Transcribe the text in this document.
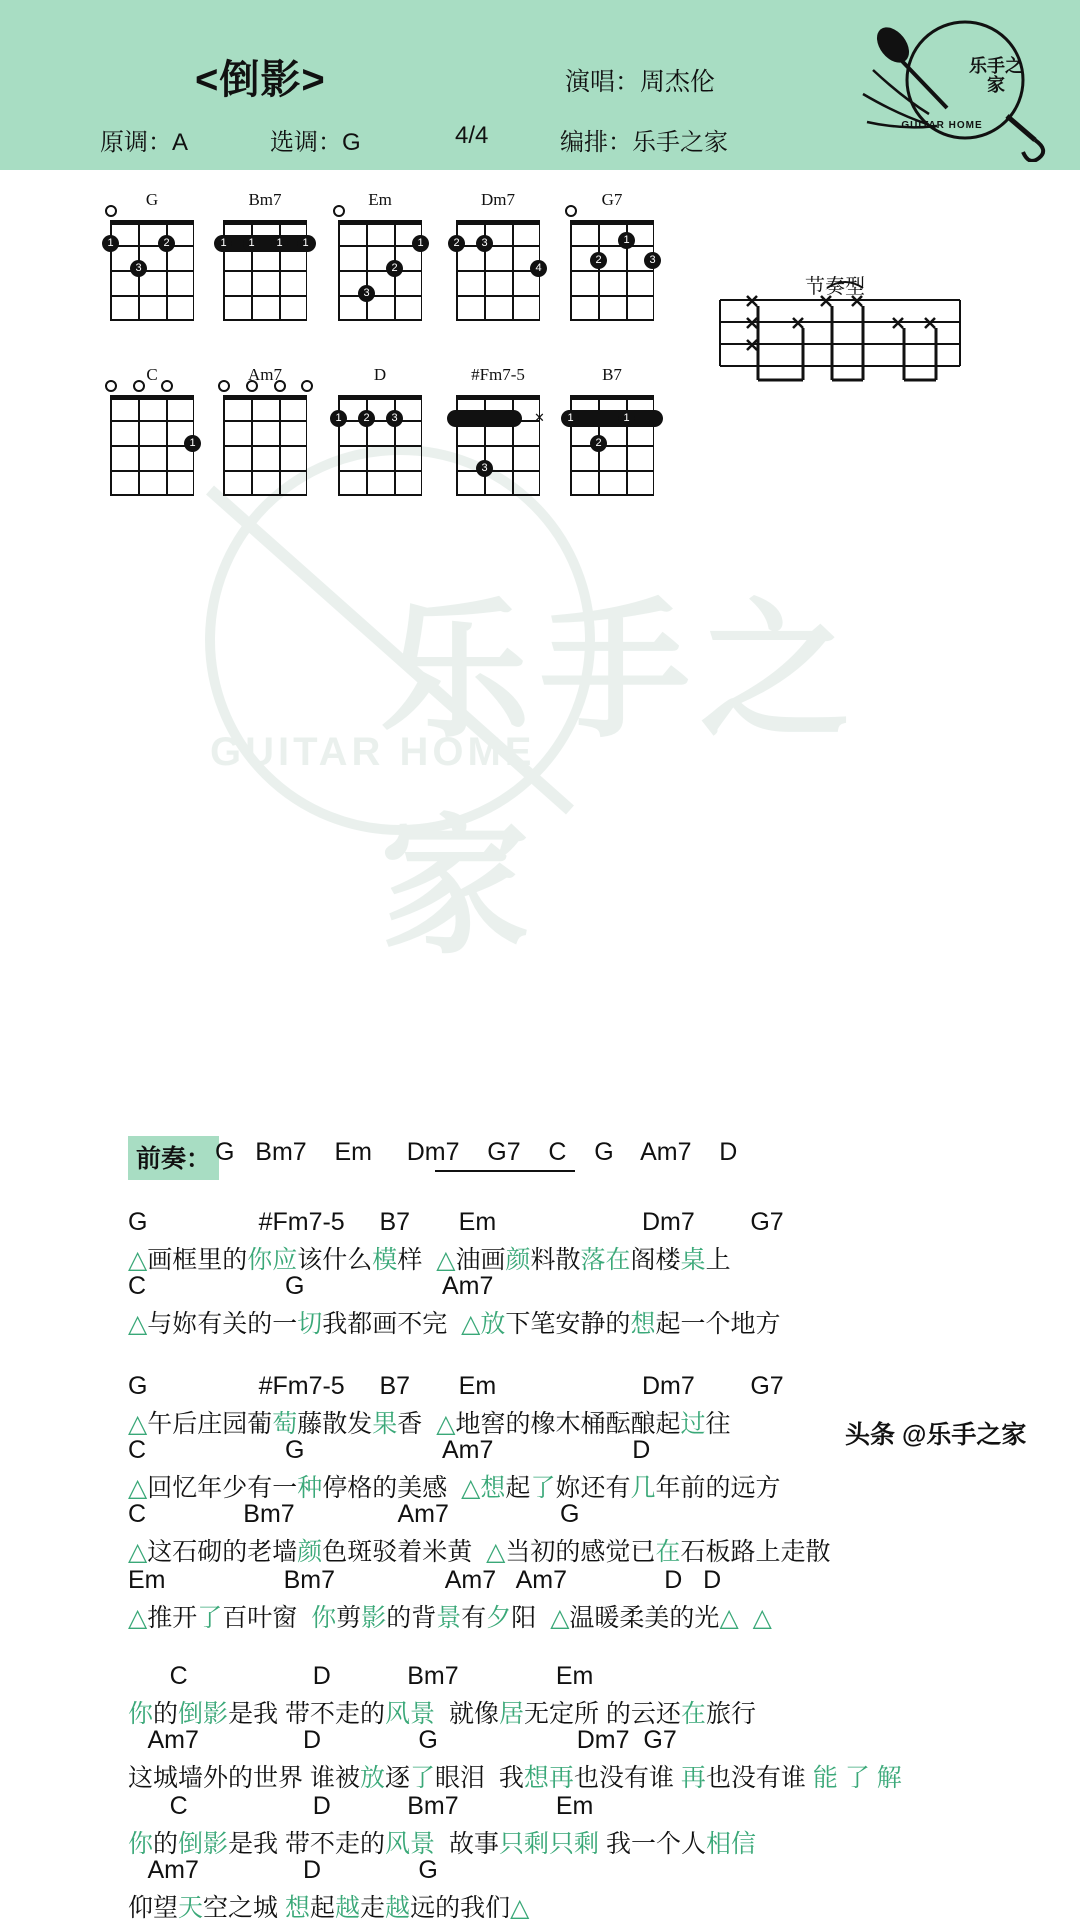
<倒影>	演唱：周杰伦
原调：A	选调：G	4/4	编排：乐手之家
乐手之家
GUITAR HOME
乐手之家
GUITAR HOME
G
1	2
3
Bm7
1	1	1	1
Em
1
2
3
Dm7
2	3
4
G7
1
2	3
C
1
Am7	D
1	2	3
#Fm7-5
✕
3
B7
1	1
2
节奏型
前奏： G   Bm7    Em     Dm7    G7    C    G    Am7    D
G                #Fm7-5     B7       Em                     Dm7        G7
△画框里的你应该什么模样  △油画颜料散落在阁楼桌上
C                    G                    Am7
△与妳有关的一切我都画不完  △放下笔安静的想起一个地方
G                #Fm7-5     B7       Em                     Dm7        G7
△午后庄园葡萄藤散发果香  △地窖的橡木桶酝酿起过往
C                    G                    Am7                    D
△回忆年少有一种停格的美感  △想起了妳还有几年前的远方
C              Bm7               Am7                G
△这石砌的老墙颜色斑驳着米黄  △当初的感觉已在石板路上走散
Em                 Bm7                Am7   Am7              D   D
△推开了百叶窗  你剪影的背景有夕阳  △温暖柔美的光△ △
C                  D           Bm7              Em
你的倒影是我 带不走的风景  就像居无定所 的云还在旅行
Am7               D              G                    Dm7  G7
这城墙外的世界 谁被放逐了眼泪  我想再也没有谁 再也没有谁 能 了 解
C                  D           Bm7              Em
你的倒影是我 带不走的风景  故事只剩只剩 我一个人相信
Am7               D              G
仰望天空之城 想起越走越远的我们△
头条 @乐手之家
